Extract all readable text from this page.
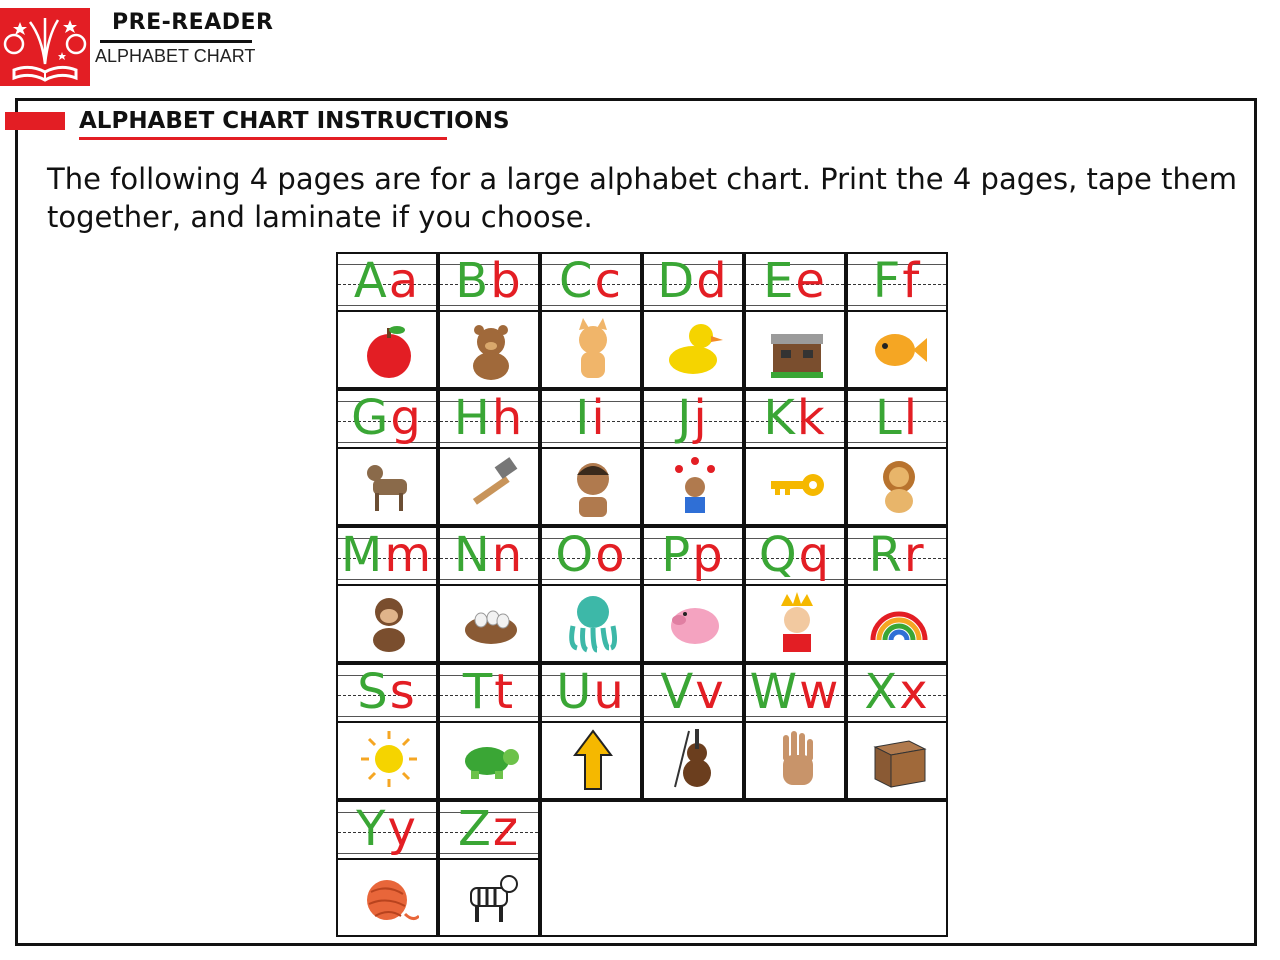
PRE-READER
ALPHABET CHART
ALPHABET CHART INSTRUCTIONS
The following 4 pages are for a large alphabet chart. Print the 4 pages, tape them together, and laminate if you choose.
Aa Bb Cc Dd Ee Ff
Gg Hh	Ii	Jj	Kk	Ll
Mm Nn Oo Pp Qq Rr
Ss Tt Uu Vv Ww Xx
Yy Zz
